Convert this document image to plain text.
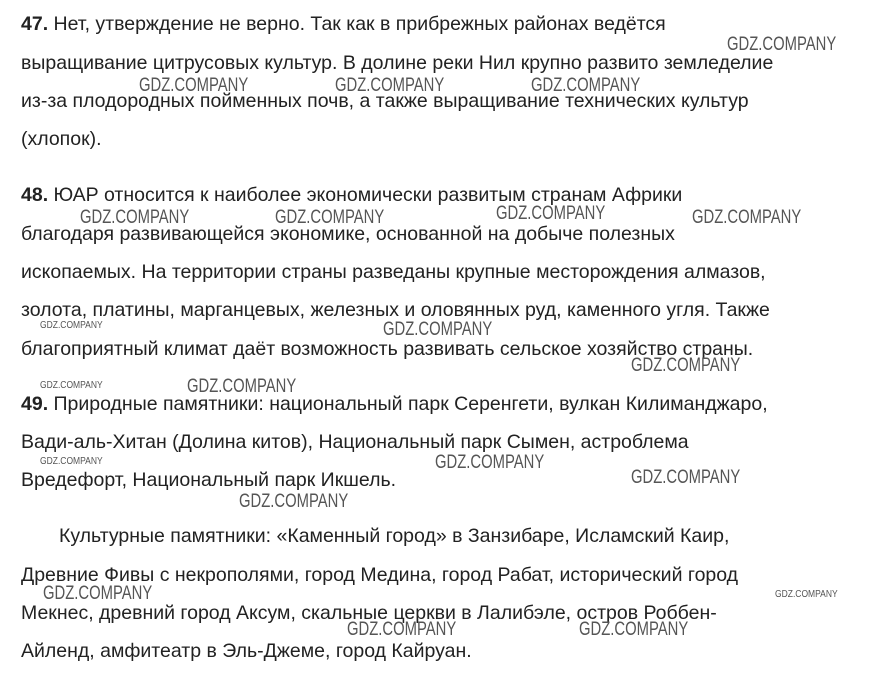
47. Нет, утверждение не верно. Так как в прибрежных районах ведётся
выращивание цитрусовых культур. В долине реки Нил крупно развито земледелие
из-за плодородных пойменных почв, а также выращивание технических культур
(хлопок).
48. ЮАР относится к наиболее экономически развитым странам Африки
благодаря развивающейся экономике, основанной на добыче полезных
ископаемых. На территории страны разведаны крупные месторождения алмазов,
золота, платины, марганцевых, железных и оловянных руд, каменного угля. Также
благоприятный климат даёт возможность развивать сельское хозяйство страны.
49. Природные памятники: национальный парк Серенгети, вулкан Килиманджаро,
Вади-аль-Хитан (Долина китов), Национальный парк Сымен, астроблема
Вредефорт, Национальный парк Икшель.
Культурные памятники: «Каменный город» в Занзибаре, Исламский Каир,
Древние Фивы с некрополями, город Медина, город Рабат, исторический город
Мекнес, древний город Аксум, скальные церкви в Лалибэле, остров Роббен-
Айленд, амфитеатр в Эль-Джеме, город Кайруан.
GDZ.COMPANY
GDZ.COMPANY	GDZ.COMPANY	GDZ.COMPANY
GDZ.COMPANY	GDZ.COMPANY	GDZ.COMPANY	GDZ.COMPANY
GDZ.COMPANY	GDZ.COMPANY
GDZ.COMPANY
GDZ.COMPANY	GDZ.COMPANY
GDZ.COMPANY	GDZ.COMPANY
GDZ.COMPANY
GDZ.COMPANY
GDZ.COMPANY	GDZ.COMPANY
GDZ.COMPANY	GDZ.COMPANY
